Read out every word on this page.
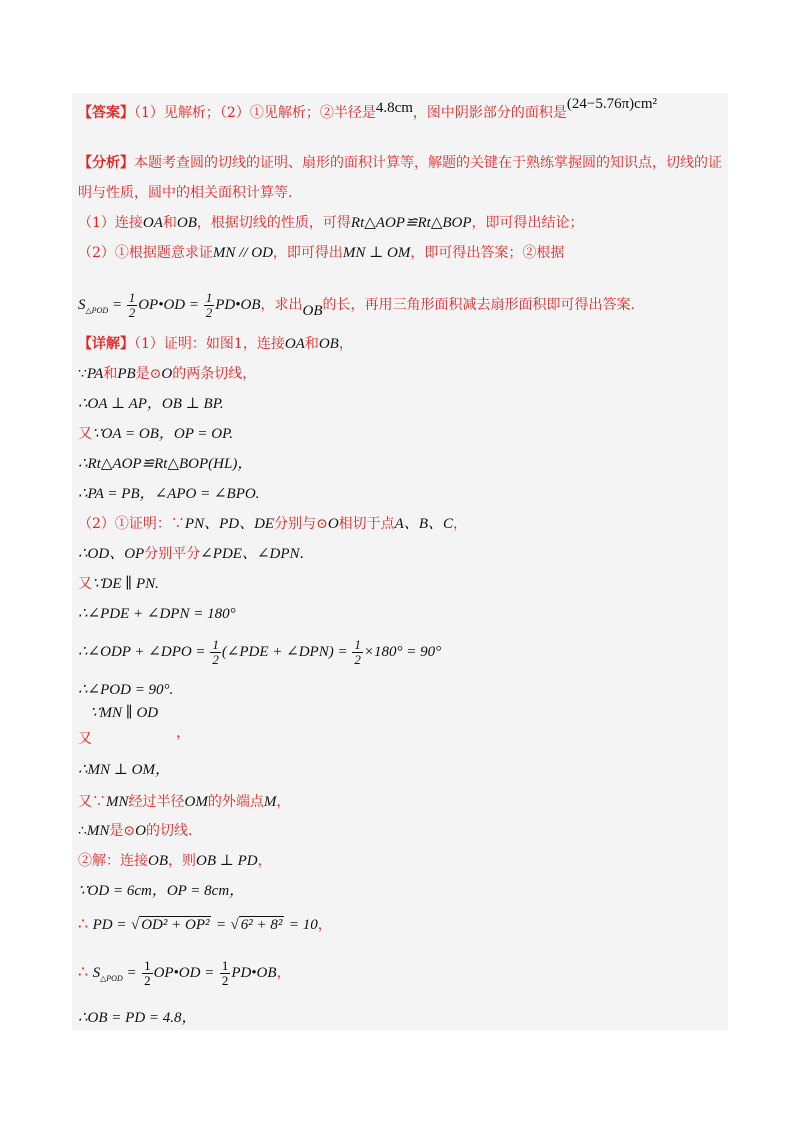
【答案】（1）见解析；（2）①见解析；②半径是4.8cm，图中阴影部分的面积是(24−5.76π)cm²
【分析】本题考查圆的切线的证明、扇形的面积计算等，解题的关键在于熟练掌握圆的知识点，切线的证
明与性质，圆中的相关面积计算等.
（1）连接OA和OB，根据切线的性质，可得Rt△AOP≌Rt△BOP，即可得出结论；
（2）①根据题意求证MN // OD，即可得出MN ⊥ OM，即可得出答案；②根据
$S_{\triangle POD} = \frac{1}{2}$ OP•OD = $\frac{1}{2}$ PD•OB，求出OB的长，再用三角形面积减去扇形面积即可得出答案.
【详解】（1）证明：如图1，连接OA和OB，
∵PA和PB是⊙O的两条切线，
∴OA ⊥ AP，OB ⊥ BP.
又∵OA = OB，OP = OP.
∴Rt△AOP≌Rt△BOP(HL)，
∴PA = PB，∠APO = ∠BPO.
（2）①证明：∵PN、PD、DE分别与⊙O相切于点A、B、C，
∴OD、OP分别平分∠PDE、∠DPN.
又∵DE ∥ PN.
∴∠PDE + ∠DPN = 180°
∴∠ODP + ∠DPO = $\frac{1}{2}$ (∠PDE + ∠DPN) = $\frac{1}{2} \times 180^\circ = 90^\circ$
∴∠POD = 90°.
∵MN ∥ OD
又	，
∴MN ⊥ OM，
又∵MN经过半径OM的外端点M，
∴MN是⊙O的切线.
②解：连接OB，则OB ⊥ PD，
∵OD = 6cm，OP = 8cm，
∴ PD = √ OD² + OP² = √ 6² + 8² = 10，
∴ $S_{\triangle POD} = \frac{1}{2}$ OP•OD = $\frac{1}{2}$ PD•OB，
∴OB = PD = 4.8，
